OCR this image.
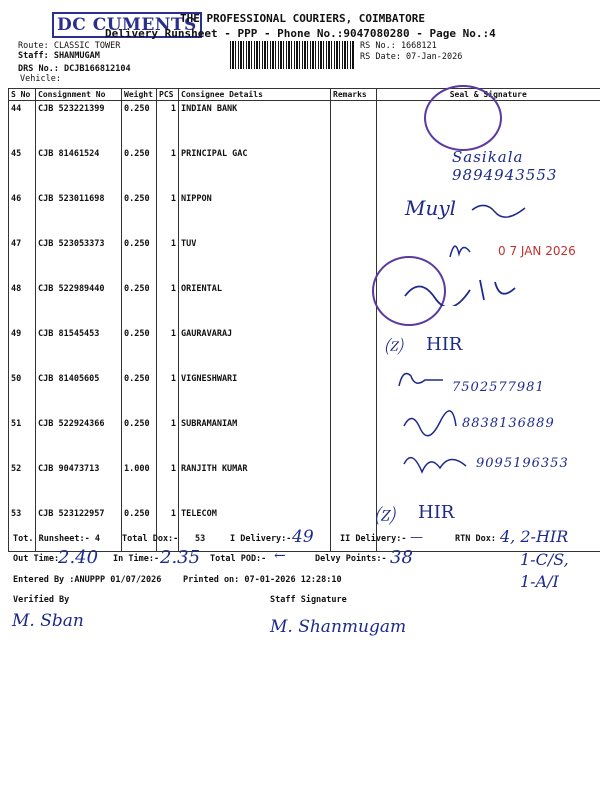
DC CUMENTS
THE PROFESSIONAL COURIERS, COIMBATORE
Delivery Runsheet - PPP - Phone No.:9047080280 - Page No.:4
Route: CLASSIC TOWER
Staff: SHANMUGAM
DRS No.: DCJB166812104
Vehicle:
RS No.: 1668121
RS Date: 07-Jan-2026
S No	Consignment No	Weight	PCS	Consignee Details	Remarks	Seal & Signature
44	CJB 523221399	0.250	1	INDIAN BANK		
45	CJB 81461524	0.250	1	PRINCIPAL GAC		
46	CJB 523011698	0.250	1	NIPPON		
47	CJB 523053373	0.250	1	TUV		
48	CJB 522989440	0.250	1	ORIENTAL		
49	CJB 81545453	0.250	1	GAURAVARAJ		
50	CJB 81405605	0.250	1	VIGNESHWARI		
51	CJB 522924366	0.250	1	SUBRAMANIAM		
52	CJB 90473713	1.000	1	RANJITH KUMAR		
53	CJB 523122957	0.250	1	TELECOM		
Sasikala 9894943553
Muyl
0 7 JAN 2026
⒵ HIR
7502577981
8838136889
9095196353
⒵ HIR
Tot. Runsheet:- 4	Total Dox:- 53	I Delivery:- 49	II Delivery:- —	RTN Dox: 4, 2-HIR
1-C/S,
1-A/I
Out Time:
2.40 In Time:- 2.35 Total POD:- ←	Delvy Points:- 38
Entered By :ANUPPP 01/07/2026	Printed on: 07-01-2026 12:28:10
Verified By
M. Sban
Staff Signature
M. Shanmugam
